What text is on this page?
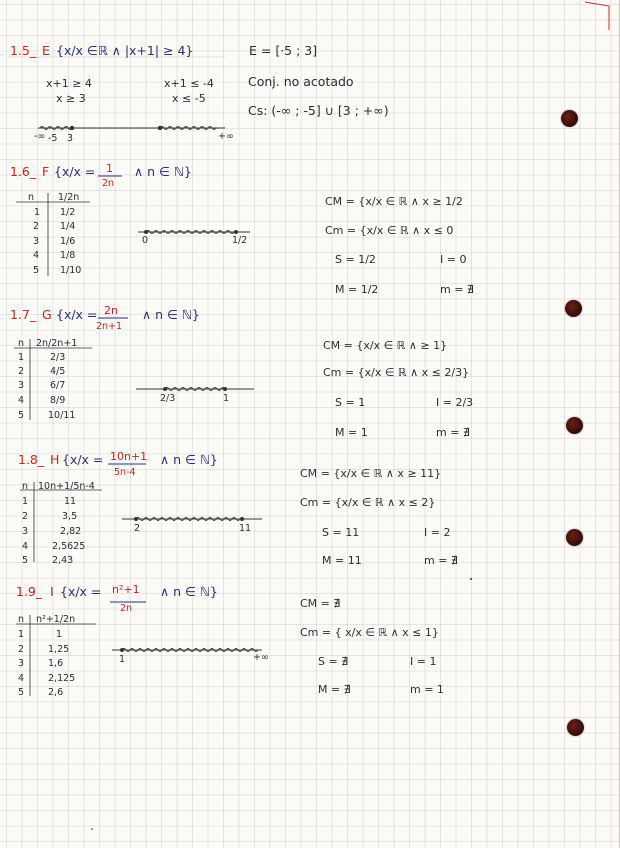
1.5_ E {x/x ∈ℝ ∧ |x+1| ≥ 4}	E = [·5 ; 3]
Conj. no acotado
Cs: (-∞ ; -5] ∪ [3 ; +∞)
x+1 ≥ 4
x ≥ 3
x+1 ≤ -4
x ≤ -5
-∞ -5 3	+∞
1.6_ F {x/x = 1
2n
∧ n ∈ ℕ}
n	1/2n
1 1/2
2 1/4
3 1/6
4 1/8
5 1/10
0	1/2
CM = {x/x ∈ ℝ ∧ x ≥ 1/2
Cm = {x/x ∈ ℝ ∧ x ≤ 0
S = 1/2	I = 0
M = 1/2	m = ∄
1.7_ G {x/x = 2n
2n+1
∧ n ∈ ℕ}
n 2n/2n+1
1	2/3
2	4/5
3	6/7
4	8/9
5	10/11
2/3	1
CM = {x/x ∈ ℝ ∧ ≥ 1}
Cm = {x/x ∈ ℝ ∧ x ≤ 2/3}
S = 1	I = 2/3
M = 1	m = ∄
1.8_ H {x/x = 10n+1
5n-4
∧ n ∈ ℕ}
n 10n+1/5n-4
1	11
2	3,5
3	2,82
4	2,5625
5	2,43
2	11
CM = {x/x ∈ ℝ ∧ x ≥ 11}
Cm = {x/x ∈ ℝ ∧ x ≤ 2}
S = 11	I = 2
M = 11	m = ∄
1.9_ I {x/x = n²+1
2n
∧ n ∈ ℕ}
n n²+1/2n
1	1
2	1,25
3	1,6
4	2,125
5	2,6
1	+∞
CM = ∄
Cm = { x/x ∈ ℝ ∧ x ≤ 1}
S = ∄	I = 1
M = ∄	m = 1
